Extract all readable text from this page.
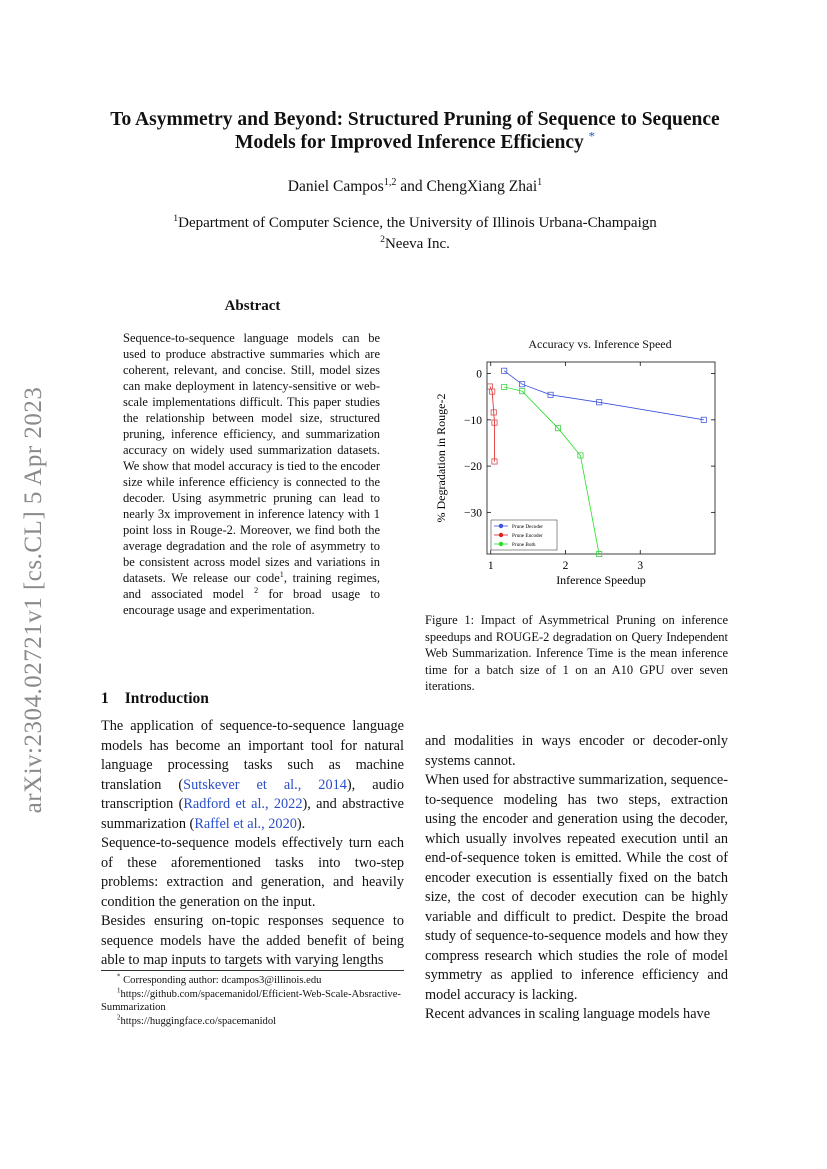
arXiv:2304.02721v1 [cs.CL] 5 Apr 2023
To Asymmetry and Beyond: Structured Pruning of Sequence to Sequence
Models for Improved Inference Efficiency *
Daniel Campos$^{1,2}$ and ChengXiang Zhai$^1$
$^1$Department of Computer Science, the University of Illinois Urbana-Champaign
$^2$Neeva Inc.
Abstract
Sequence-to-sequence language models can be used to produce abstractive summaries which are coherent, relevant, and concise. Still, model sizes can make deployment in latency-sensitive or web-scale implementations difficult. This paper studies the relationship between model size, structured pruning, inference efficiency, and summarization accuracy on widely used summarization datasets. We show that model accuracy is tied to the encoder size while inference efficiency is connected to the decoder. Using asymmetric pruning can lead to nearly 3x improvement in inference latency with 1 point loss in Rouge-2. Moreover, we find both the average degradation and the role of asymmetry to be consistent across model sizes and variations in datasets. We release our code$^1$, training regimes, and associated model $^2$ for broad usage to encourage usage and experimentation.
1 Introduction

The application of sequence-to-sequence language models has become an important tool for natural language processing tasks such as machine translation (Sutskever et al., 2014), audio transcription (Radford et al., 2022), and abstractive summarization (Raffel et al., 2020).

Sequence-to-sequence models effectively turn each of these aforementioned tasks into two-step problems: extraction and generation, and heavily condition the generation on the input.

Besides ensuring on-topic responses sequence to sequence models have the added benefit of being able to map inputs to targets with varying lengths

* Corresponding author: dcampos3@illinois.edu
$^1$https://github.com/spacemanidol/Efficient-Web-Scale-Absractive-Summarization
$^2$https://huggingface.co/spacemanidol
Accuracy vs. Inference Speed
0
−10
−20
−30
1	2	3
Inference Speedup
% Degradation in Rouge-2
Prune Decoder
Prune Encoder
Prune Both
Figure 1: Impact of Asymmetrical Pruning on inference speedups and ROUGE-2 degradation on Query Independent Web Summarization. Inference Time is the mean inference time for a batch size of 1 on an A10 GPU over seven iterations.

and modalities in ways encoder or decoder-only systems cannot.

When used for abstractive summarization, sequence-to-sequence modeling has two steps, extraction using the encoder and generation using the decoder, which usually involves repeated execution until an end-of-sequence token is emitted. While the cost of encoder execution is essentially fixed on the batch size, the cost of decoder execution can be highly variable and difficult to predict. Despite the broad study of sequence-to-sequence models and how they compress research which studies the role of model symmetry as applied to inference efficiency and model accuracy is lacking.

Recent advances in scaling language models have
